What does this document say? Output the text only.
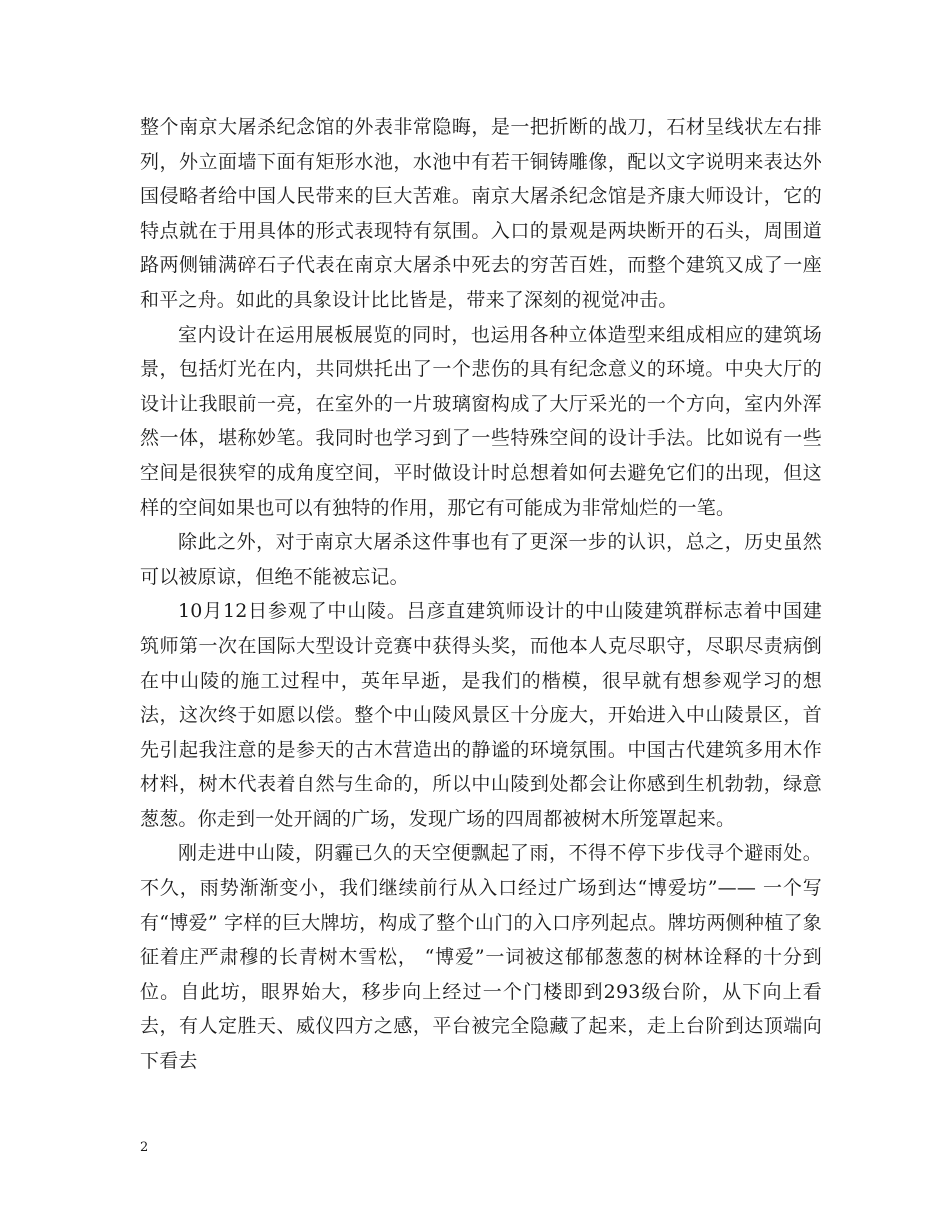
整个南京大屠杀纪念馆的外表非常隐晦，是一把折断的战刀，石材呈线状左右排列，外立面墙下面有矩形水池，水池中有若干铜铸雕像，配以文字说明来表达外国侵略者给中国人民带来的巨大苦难。南京大屠杀纪念馆是齐康大师设计，它的特点就在于用具体的形式表现特有氛围。入口的景观是两块断开的石头，周围道路两侧铺满碎石子代表在南京大屠杀中死去的穷苦百姓，而整个建筑又成了一座和平之舟。如此的具象设计比比皆是，带来了深刻的视觉冲击。

室内设计在运用展板展览的同时，也运用各种立体造型来组成相应的建筑场景，包括灯光在内，共同烘托出了一个悲伤的具有纪念意义的环境。中央大厅的设计让我眼前一亮，在室外的一片玻璃窗构成了大厅采光的一个方向，室内外浑然一体，堪称妙笔。我同时也学习到了一些特殊空间的设计手法。比如说有一些空间是很狭窄的成角度空间，平时做设计时总想着如何去避免它们的出现，但这样的空间如果也可以有独特的作用，那它有可能成为非常灿烂的一笔。

除此之外，对于南京大屠杀这件事也有了更深一步的认识，总之，历史虽然可以被原谅，但绝不能被忘记。

10月12日参观了中山陵。吕彦直建筑师设计的中山陵建筑群标志着中国建筑师第一次在国际大型设计竞赛中获得头奖，而他本人克尽职守，尽职尽责病倒在中山陵的施工过程中，英年早逝，是我们的楷模，很早就有想参观学习的想法，这次终于如愿以偿。整个中山陵风景区十分庞大，开始进入中山陵景区，首先引起我注意的是参天的古木营造出的静谧的环境氛围。中国古代建筑多用木作材料，树木代表着自然与生命的，所以中山陵到处都会让你感到生机勃勃，绿意葱葱。你走到一处开阔的广场，发现广场的四周都被树木所笼罩起来。

刚走进中山陵，阴霾已久的天空便飘起了雨，不得不停下步伐寻个避雨处。不久，雨势渐渐变小，我们继续前行从入口经过广场到达“博爱坊”—— 一个写有“博爱” 字样的巨大牌坊，构成了整个山门的入口序列起点。牌坊两侧种植了象征着庄严肃穆的长青树木雪松， “博爱”一词被这郁郁葱葱的树林诠释的十分到位。自此坊，眼界始大，移步向上经过一个门楼即到293级台阶，从下向上看去，有人定胜天、威仪四方之感，平台被完全隐藏了起来，走上台阶到达顶端向下看去

2
